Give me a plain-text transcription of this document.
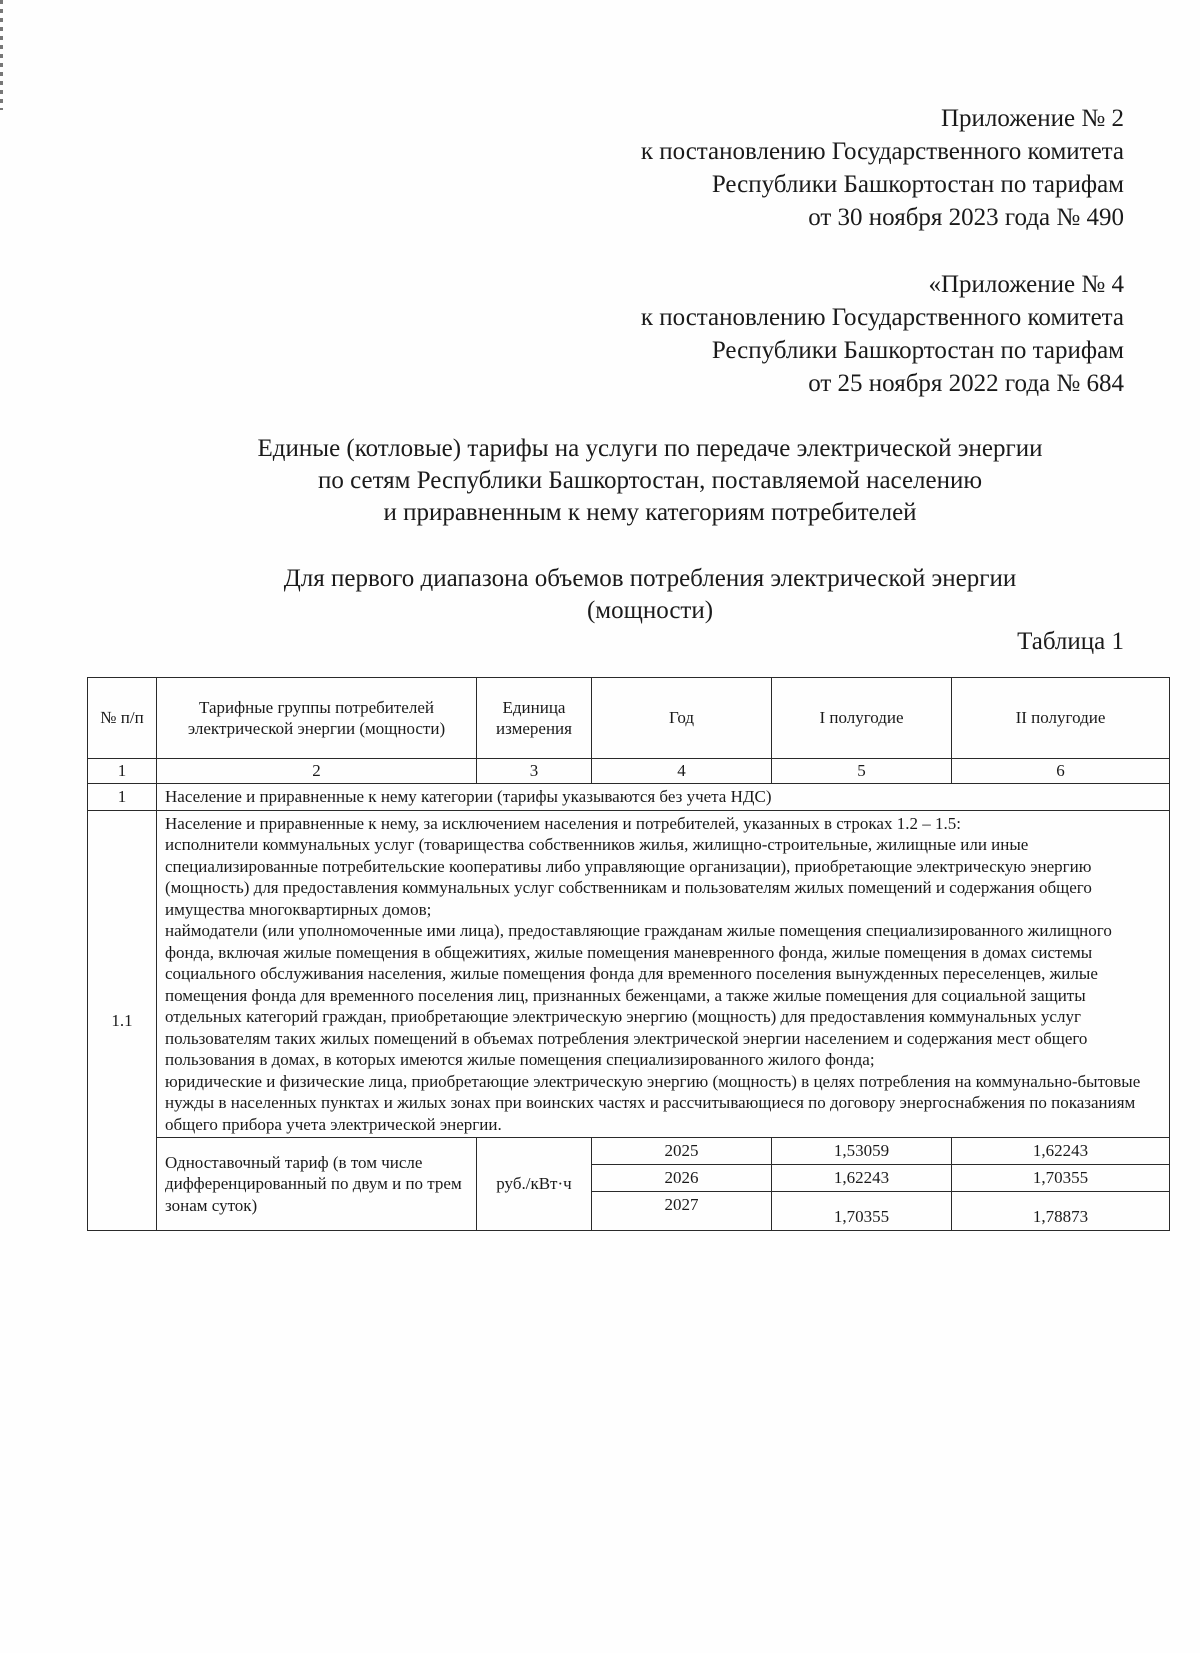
Приложение № 2
к постановлению Государственного комитета
Республики Башкортостан по тарифам
от 30 ноября 2023 года № 490
«Приложение № 4
к постановлению Государственного комитета
Республики Башкортостан по тарифам
от 25 ноября 2022 года № 684
Единые (котловые) тарифы на услуги по передаче электрической энергии
по сетям Республики Башкортостан, поставляемой населению
и приравненным к нему категориям потребителей
Для первого диапазона объемов потребления электрической энергии
(мощности)
Таблица 1
№ п/п	Тарифные группы потребителей электрической энергии (мощности)	Единица измерения	Год	I полугодие	II полугодие
1	2	3	4	5	6
1	Население и приравненные к нему категории (тарифы указываются без учета НДС)				
1.1	Население и приравненные к нему, за исключением населения и потребителей, указанных в строках 1.2 – 1.5:
исполнители коммунальных услуг (товарищества собственников жилья, жилищно-строительные, жилищные или иные специализированные потребительские кооперативы либо управляющие организации), приобретающие электрическую энергию (мощность) для предоставления коммунальных услуг собственникам и пользователям жилых помещений и содержания общего имущества многоквартирных домов;
наймодатели (или уполномоченные ими лица), предоставляющие гражданам жилые помещения специализированного жилищного фонда, включая жилые помещения в общежитиях, жилые помещения маневренного фонда, жилые помещения в домах системы социального обслуживания населения, жилые помещения фонда для временного поселения вынужденных переселенцев, жилые помещения фонда для временного поселения лиц, признанных беженцами, а также жилые помещения для социальной защиты отдельных категорий граждан, приобретающие электрическую энергию (мощность) для предоставления коммунальных услуг пользователям таких жилых помещений в объемах потребления электрической энергии населением и содержания мест общего пользования в домах, в которых имеются жилые помещения специализированного жилого фонда;
юридические и физические лица, приобретающие электрическую энергию (мощность) в целях потребления на коммунально-бытовые нужды в населенных пунктах и жилых зонах при воинских частях и рассчитывающиеся по договору энергоснабжения по показаниям общего прибора учета электрической энергии.				

	Одноставочный тариф (в том числе дифференцированный по двум и по трем зонам суток)	руб./кВт·ч	2025	1,53059	1,62243
			2026	1,62243	1,70355
			2027	1,70355	1,78873
